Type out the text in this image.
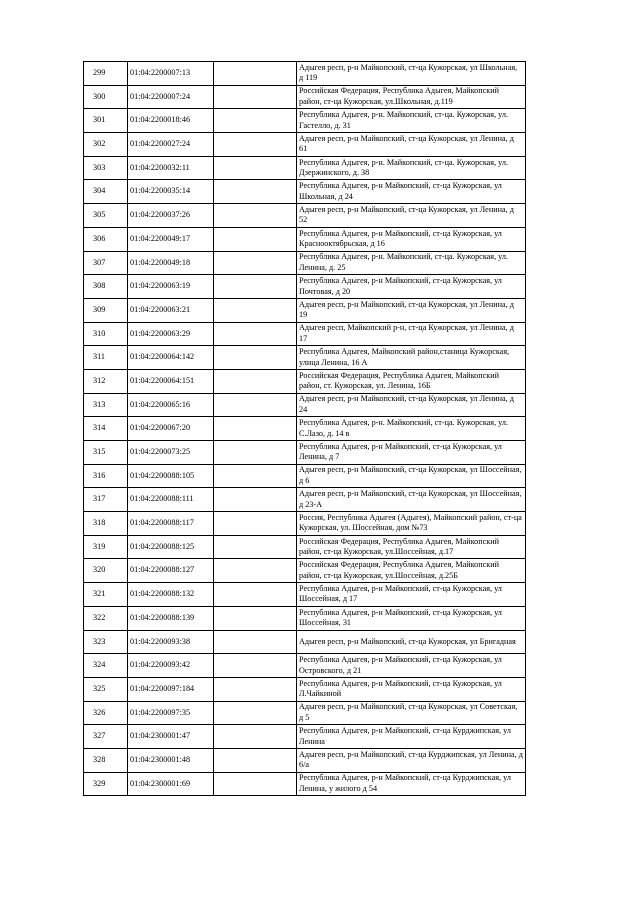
299	01:04:2200007:13		Адыгея респ, р-н Майкопский, ст-ца Кужорская, ул Школьная, д 119
300	01:04:2200007:24		Российская Федерация, Республика Адыгея, Майкопский район, ст-ца Кужорская, ул.Школьная, д.119
301	01:04:2200018:46		Республика Адыгея, р-н. Майкопский, ст-ца. Кужорская, ул. Гастелло, д. 31
302	01:04:2200027:24		Адыгея респ, р-н Майкопский, ст-ца Кужорская, ул Ленина, д 61
303	01:04:2200032:11		Республика Адыгея, р-н. Майкопский, ст-ца. Кужорская, ул. Дзержинского, д. 38
304	01:04:2200035:14		Республика Адыгея, р-н Майкопский, ст-ца Кужорская, ул Школьная, д 24
305	01:04:2200037:26		Адыгея респ, р-н Майкопский, ст-ца Кужорская, ул Ленина, д 52
306	01:04:2200049:17		Республика Адыгея, р-н Майкопский, ст-ца Кужорская, ул Краснооктябрьская, д 16
307	01:04:2200049:18		Республика Адыгея, р-н. Майкопский, ст-ца. Кужорская, ул. Ленина, д. 25
308	01:04:2200063:19		Республика Адыгея, р-н Майкопский, ст-ца Кужорская, ул Почтовая, д 20
309	01:04:2200063:21		Адыгея респ, р-н Майкопский, ст-ца Кужорская, ул Ленина, д 19
310	01:04:2200063:29		Адыгея респ, Майкопский р-н, ст-ца Кужорская, ул Ленина, д 17
311	01:04:2200064:142		Республика Адыгея, Майкопский район,станица Кужорская, улица Ленина, 16 А
312	01:04:2200064:151		Российская Федерация, Республика Адыгея, Майкопский район, ст. Кужорская, ул. Ленина, 16Б
313	01:04:2200065:16		Адыгея респ, р-н Майкопский, ст-ца Кужорская, ул Ленина, д 24
314	01:04:2200067:20		Республика Адыгея, р-н. Майкопский, ст-ца. Кужорская, ул. С.Лазо, д. 14 в
315	01:04:2200073:25		Республика Адыгея, р-н Майкопский, ст-ца Кужорская, ул Ленина, д 7
316	01:04:2200088:105		Адыгея респ, р-н Майкопский, ст-ца Кужорская, ул Шоссейная, д 6
317	01:04:2200088:111		Адыгея респ, р-н Майкопский, ст-ца Кужорская, ул Шоссейная, д 23-А
318	01:04:2200088:117		Россия, Республика Адыгея (Адыгея), Майкопский район, ст-ца Кужорская, ул. Шоссейная, дом №73
319	01:04:2200088:125		Российская Федерация, Республика Адыгея, Майкопский район, ст-ца Кужорская, ул.Шоссейная, д.17
320	01:04:2200088:127		Российская Федерация, Республика Адыгея, Майкопский район, ст-ца Кужорская, ул.Шоссейная, д.25Б
321	01:04:2200088:132		Республика Адыгея, р-н Майкопский, ст-ца Кужорская, ул Шоссейная, д 17
322	01:04:2200088:139		Республика Адыгея, р-н Майкопский, ст-ца Кужорская, ул Шоссейная, 31
323	01:04:2200093:38		Адыгея респ, р-н Майкопский, ст-ца Кужорская, ул Бригадная
324	01:04:2200093:42		Республика Адыгея, р-н Майкопский, ст-ца Кужорская, ул Островского, д 21
325	01:04:2200097:184		Республика Адыгея, р-н Майкопский, ст-ца Кужорская, ул Л.Чайкиной
326	01:04:2200097:35		Адыгея респ, р-н Майкопский, ст-ца Кужорская, ул Советская, д 5
327	01:04:2300001:47		Республика Адыгея, р-н Майкопский, ст-ца Курджипская, ул Ленина
328	01:04:2300001:48		Адыгея респ, р-н Майкопский, ст-ца Курджипская, ул Ленина, д 6/а
329	01:04:2300001:69		Республика Адыгея, р-н Майкопский, ст-ца Курджипская, ул Ленина, у жилого д 54
